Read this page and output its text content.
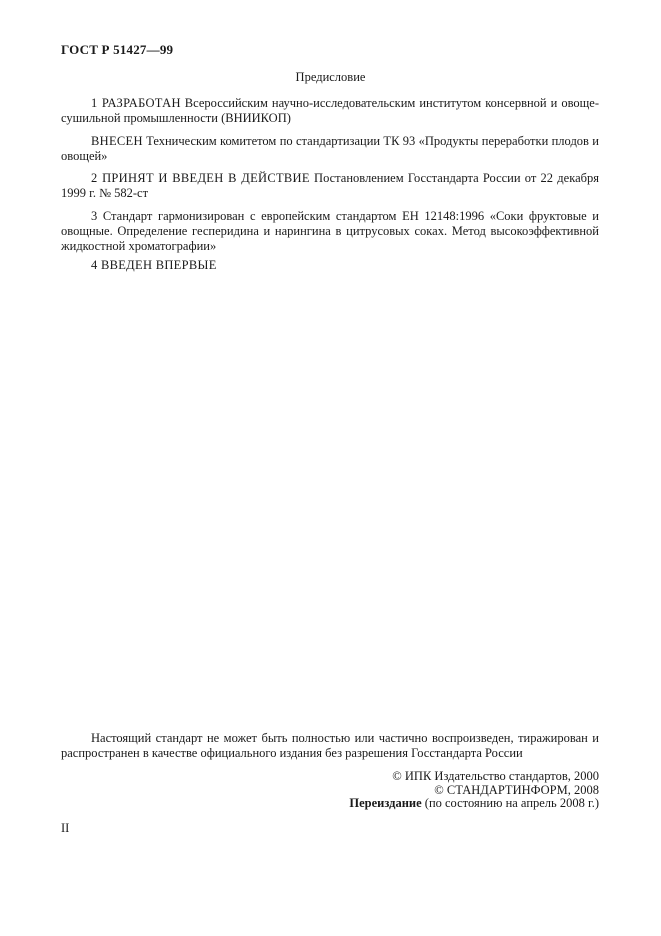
ГОСТ Р 51427—99
Предисловие
1 РАЗРАБОТАН Всероссийским научно-исследовательским институтом консервной и овоще-сушильной промышленности (ВНИИКОП)
ВНЕСЕН Техническим комитетом по стандартизации ТК 93 «Продукты переработки плодов и овощей»
2 ПРИНЯТ И ВВЕДЕН В ДЕЙСТВИЕ Постановлением Госстандарта России от 22 декабря 1999 г. № 582-ст
3 Стандарт гармонизирован с европейским стандартом ЕН 12148:1996 «Соки фруктовые и овощные. Определение гесперидина и нарингина в цитрусовых соках. Метод высокоэффективной жидкостной хроматографии»
4 ВВЕДЕН ВПЕРВЫЕ
Настоящий стандарт не может быть полностью или частично воспроизведен, тиражирован и распространен в качестве официального издания без разрешения Госстандарта России
© ИПК Издательство стандартов, 2000
© СТАНДАРТИНФОРМ, 2008
Переиздание (по состоянию на апрель 2008 г.)
II
